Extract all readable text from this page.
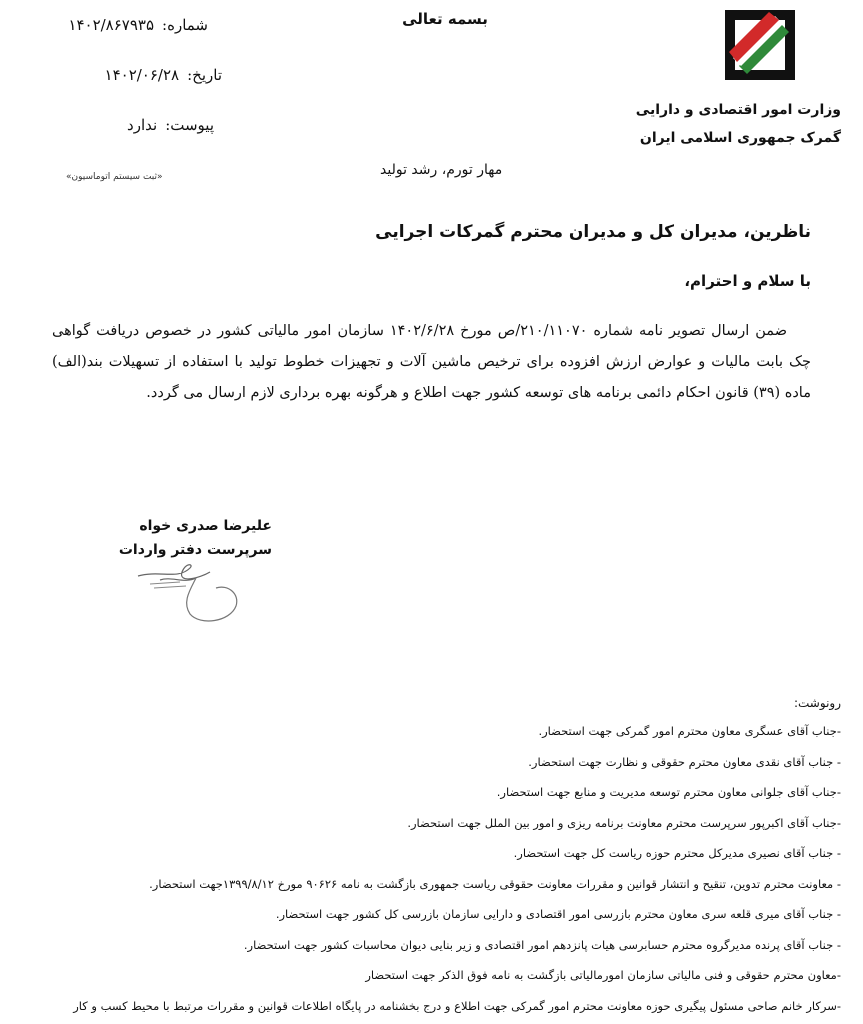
وزارت امور اقتصادی و دارایی
گمرک جمهوری اسلامی ایران
بسمه تعالی
شماره:
۱۴۰۲/۸۶۷۹۳۵
تاریخ:
۱۴۰۲/۰۶/۲۸
پیوست:
ندارد
«ثبت سیستم اتوماسیون»	مهار تورم، رشد تولید
ناظرین، مدیران کل و مدیران محترم گمرکات اجرایی
با سلام و احترام،
ضمن ارسال تصویر نامه شماره ۲۱۰/۱۱۰۷۰/ص مورخ ۱۴۰۲/۶/۲۸ سازمان امور مالیاتی کشور در خصوص دریافت گواهی چک بابت مالیات و عوارض ارزش افزوده برای ترخیص ماشین آلات و تجهیزات خطوط تولید با استفاده از تسهیلات بند(الف) ماده (۳۹) قانون احکام دائمی برنامه های توسعه کشور جهت اطلاع و هرگونه بهره برداری لازم ارسال می گردد.
علیرضا صدری خواه
سرپرست دفتر واردات
رونوشت:
-جناب آقای عسگری معاون محترم امور گمرکی جهت استحضار.
- جناب آقای نقدی معاون محترم حقوقی و نظارت جهت استحضار.
-جناب آقای جلوانی معاون محترم توسعه مدیریت و منابع جهت استحضار.
-جناب آقای اکبرپور سرپرست محترم معاونت برنامه ریزی و امور بین الملل جهت استحضار.
- جناب آقای نصیری مدیرکل محترم حوزه ریاست کل جهت استحضار.
- معاونت محترم تدوین، تنقیح و انتشار قوانین و مقررات معاونت حقوقی ریاست جمهوری بازگشت به نامه ۹۰۶۲۶ مورخ ۱۳۹۹/۸/۱۲جهت استحضار.
- جناب آقای میری قلعه سری معاون محترم بازرسی امور اقتصادی و دارایی سازمان بازرسی کل کشور جهت استحضار.
- جناب آقای پرنده مدیرگروه محترم حسابرسی هیات پانزدهم امور اقتصادی و زیر بنایی دیوان محاسبات کشور جهت استحضار.
-معاون محترم حقوقی و فنی مالیاتی سازمان امورمالیاتی بازگشت به نامه فوق الذکر جهت استحضار
-سرکار خانم صاحی مسئول پیگیری حوزه معاونت محترم امور گمرکی جهت اطلاع و درج بخشنامه در پایگاه اطلاعات قوانین و مقررات مرتبط با محیط کسب و کار
